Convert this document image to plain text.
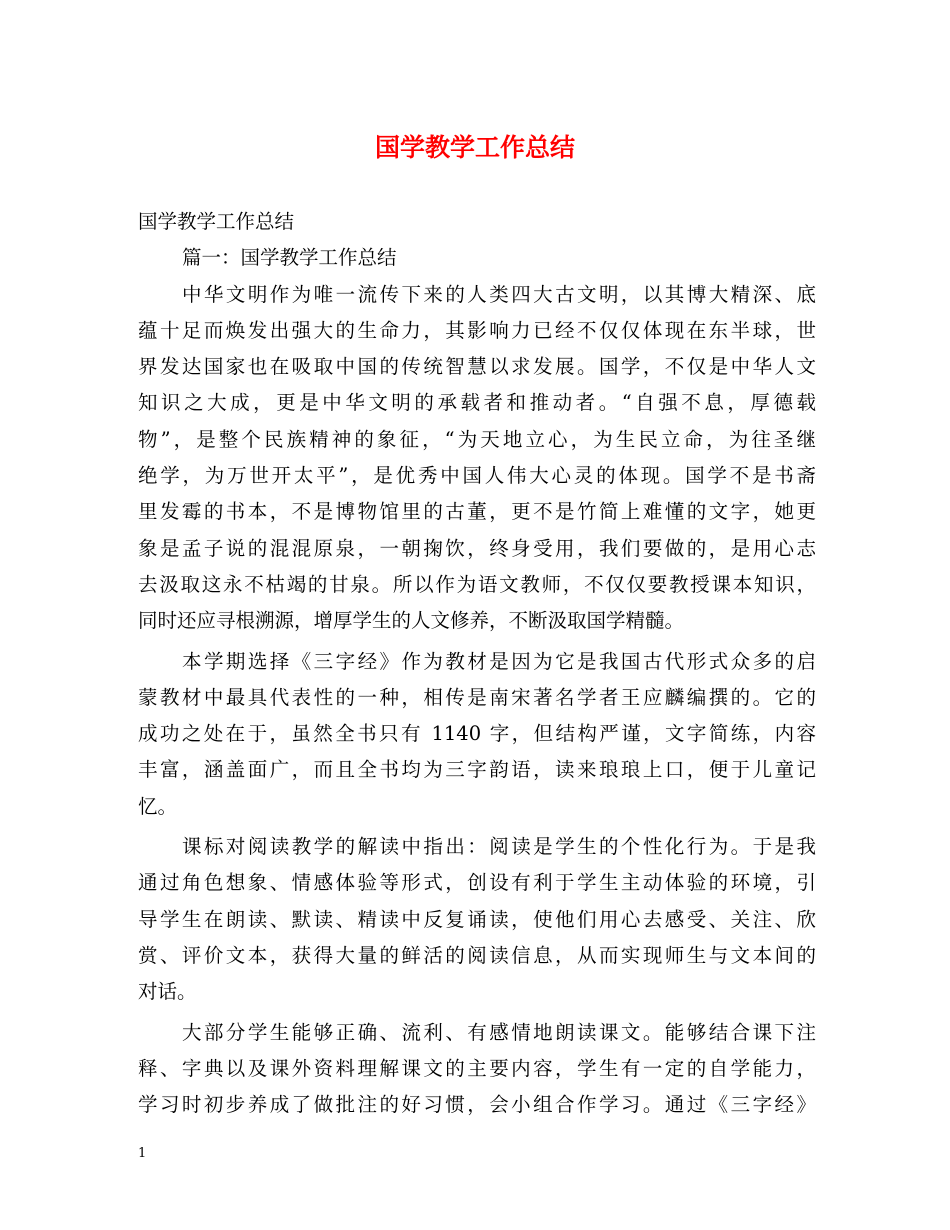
国学教学工作总结
国学教学工作总结
篇一：国学教学工作总结
中华文明作为唯一流传下来的人类四大古文明，以其博大精深、底
蕴十足而焕发出强大的生命力，其影响力已经不仅仅体现在东半球，世
界发达国家也在吸取中国的传统智慧以求发展。国学，不仅是中华人文
知识之大成，更是中华文明的承载者和推动者。“自强不息，厚德载
物”，是整个民族精神的象征，“为天地立心，为生民立命，为往圣继
绝学，为万世开太平”，是优秀中国人伟大心灵的体现。国学不是书斋
里发霉的书本，不是博物馆里的古董，更不是竹简上难懂的文字，她更
象是孟子说的混混原泉，一朝掬饮，终身受用，我们要做的，是用心志
去汲取这永不枯竭的甘泉。所以作为语文教师，不仅仅要教授课本知识，
同时还应寻根溯源，增厚学生的人文修养，不断汲取国学精髓。
本学期选择《三字经》作为教材是因为它是我国古代形式众多的启
蒙教材中最具代表性的一种，相传是南宋著名学者王应麟编撰的。它的
成功之处在于，虽然全书只有 1140 字，但结构严谨，文字简练，内容
丰富，涵盖面广，而且全书均为三字韵语，读来琅琅上口，便于儿童记
忆。
课标对阅读教学的解读中指出：阅读是学生的个性化行为。于是我
通过角色想象、情感体验等形式，创设有利于学生主动体验的环境，引
导学生在朗读、默读、精读中反复诵读，使他们用心去感受、关注、欣
赏、评价文本，获得大量的鲜活的阅读信息，从而实现师生与文本间的
对话。
大部分学生能够正确、流利、有感情地朗读课文。能够结合课下注
释、字典以及课外资料理解课文的主要内容，学生有一定的自学能力，
学习时初步养成了做批注的好习惯，会小组合作学习。通过《三字经》
1
